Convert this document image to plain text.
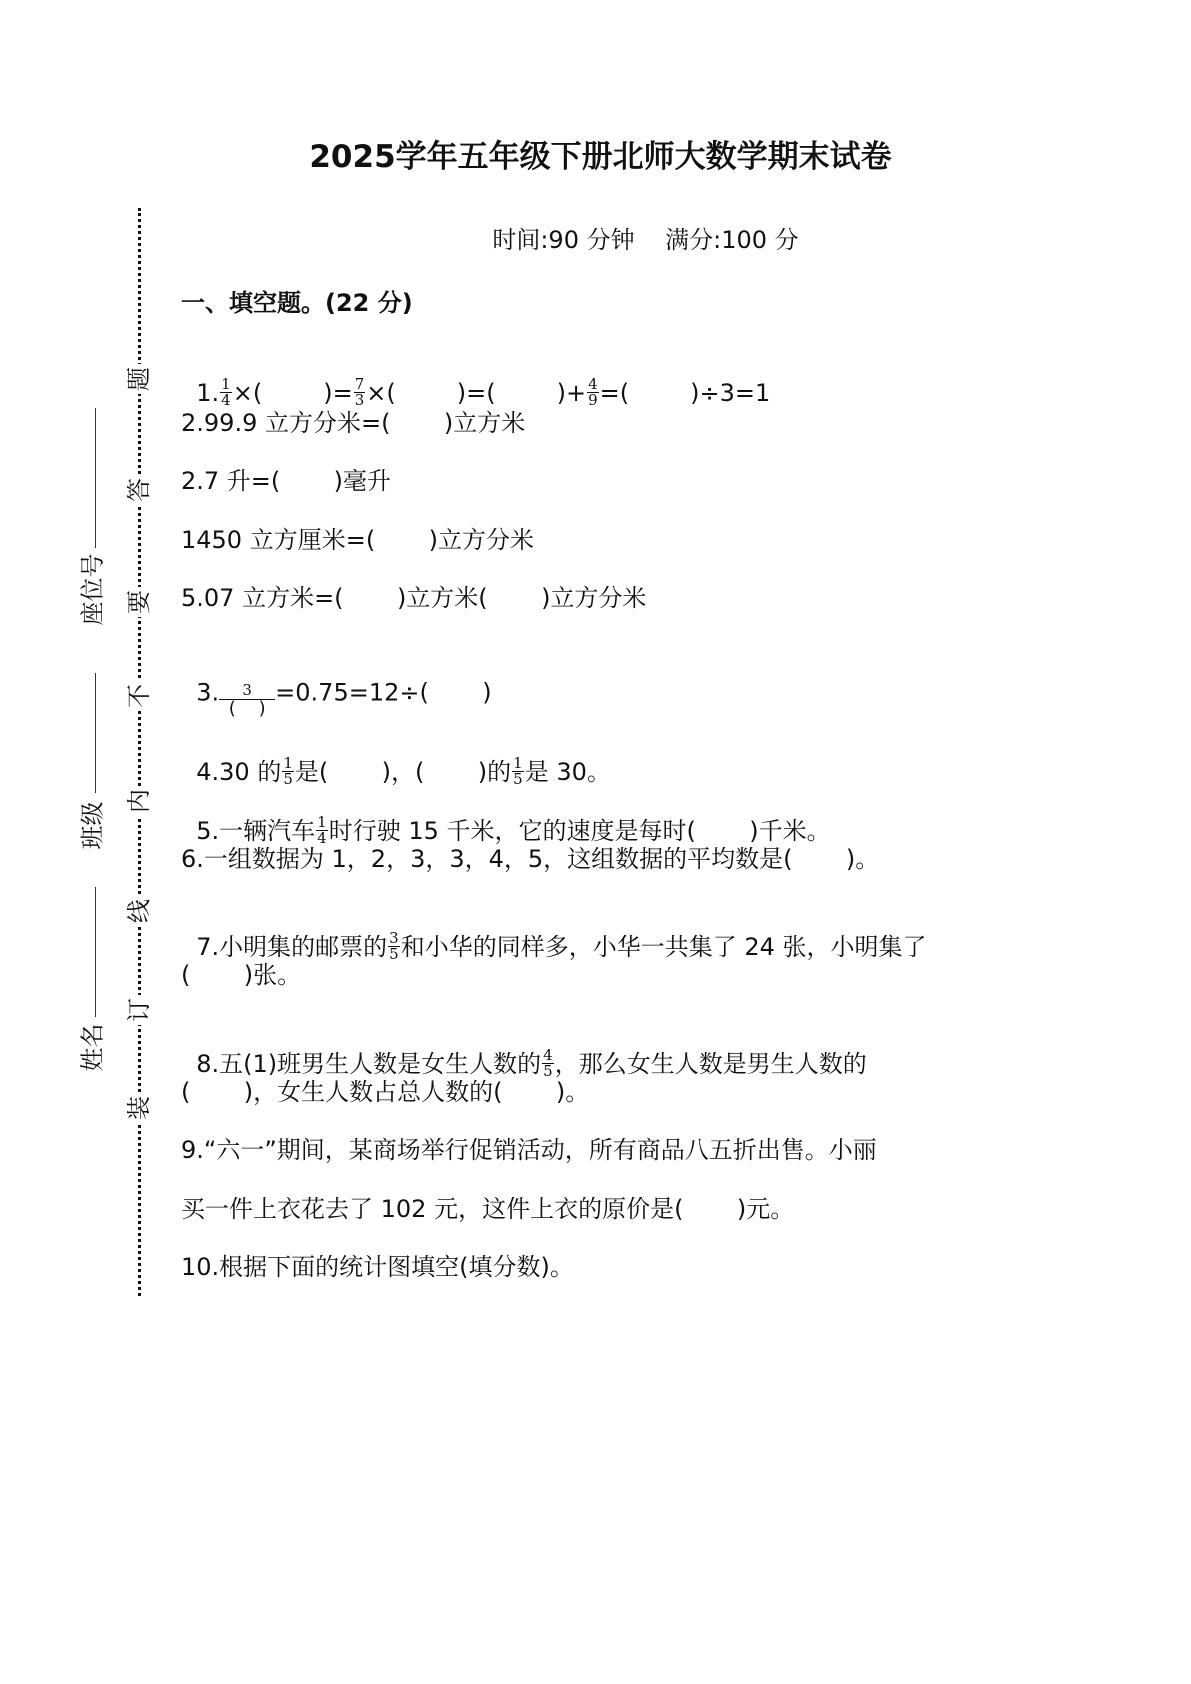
题
答
要
不
内
线
订
装
座位号
班级
姓名
2025学年五年级下册北师大数学期末试卷
时间:90 分钟    满分:100 分
一、填空题。(22 分)

1. $\frac{1}{4}$ ×(        )= $\frac{7}{3}$ ×(        )=(        )+ $\frac{4}{9}$ =(        )÷3=1

2.99.9 立方分米=(       )立方米
2.7 升=(       )毫升
1450 立方厘米=(       )立方分米
5.07 立方米=(       )立方米(       )立方分米

3. $\frac{3}{( )} =0.75=12\div$(       )

4.30 的 $\frac{1}{5}$ 是(       )，(       )的 $\frac{1}{5}$ 是 30。

5.一辆汽车 $\frac{1}{4}$ 时行驶 15 千米，它的速度是每时(       )千米。

6.一组数据为 1，2，3，3，4，5，这组数据的平均数是(       )。

7.小明集的邮票的 $\frac{3}{5}$ 和小华的同样多，小华一共集了 24 张，小明集了

(       )张。

8.五(1)班男生人数是女生人数的 $\frac{4}{5}$ ，那么女生人数是男生人数的

(       )，女生人数占总人数的(       )。
9.“六一”期间，某商场举行促销活动，所有商品八五折出售。小丽
买一件上衣花去了 102 元，这件上衣的原价是(       )元。
10.根据下面的统计图填空(填分数)。
